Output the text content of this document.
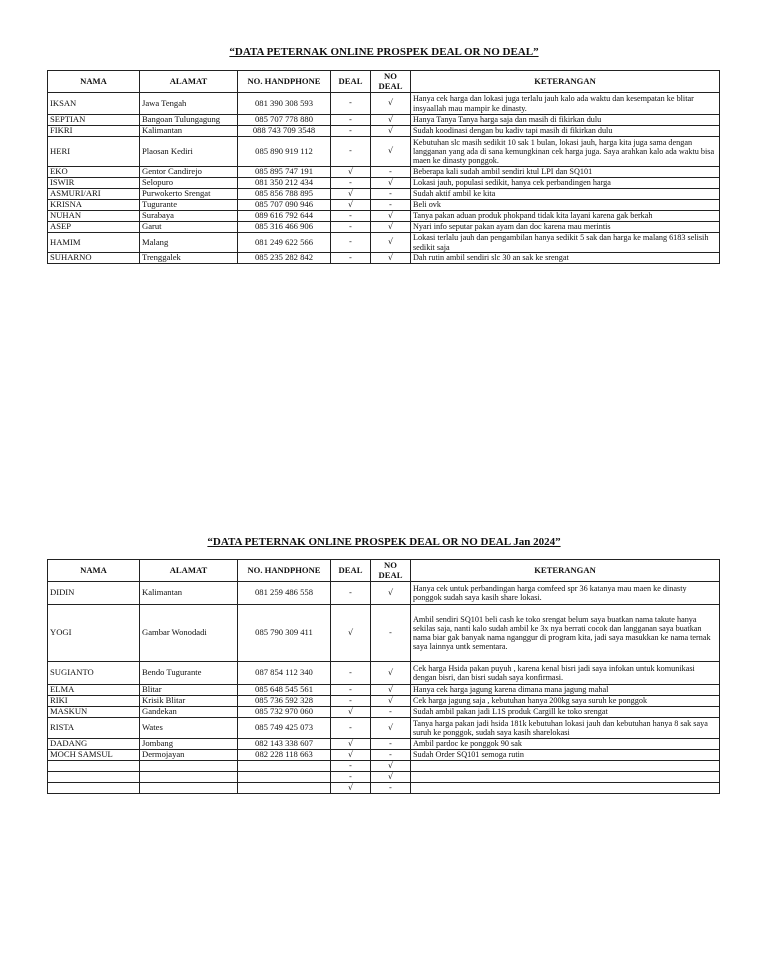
“DATA PETERNAK ONLINE PROSPEK DEAL OR NO DEAL”
NAMA	ALAMAT	NO. HANDPHONE	DEAL	NO DEAL	KETERANGAN
IKSAN	Jawa Tengah	081 390 308 593	-	√	Hanya cek harga dan lokasi juga terlalu jauh kalo ada waktu dan kesempatan ke blitar insyaallah mau mampir ke dinasty.
SEPTIAN	Bangoan Tulungagung	085 707 778 880	-	√	Hanya Tanya Tanya harga saja dan masih di fikirkan dulu
FIKRI	Kalimantan	088 743 709 3548	-	√	Sudah koodinasi dengan bu kadiv tapi masih di fikirkan dulu
HERI	Plaosan Kediri	085 890 919 112	-	√	Kebutuhan slc masih sedikit 10 sak 1 bulan, lokasi jauh, harga kita juga sama dengan langganan yang ada di sana kemungkinan cek harga juga. Saya arahkan kalo ada waktu bisa maen ke dinasty ponggok.
EKO	Gentor Candirejo	085 895 747 191	√	-	Beberapa kali sudah ambil sendiri ktul LPI dan SQ101
ISWIR	Selopuro	081 350 212 434	-	√	Lokasi jauh, populasi sedikit, hanya cek perbandingen harga
ASMURI/ARI	Purwokerto Srengat	085 856 788 895	√	-	Sudah aktif ambil ke kita
KRISNA	Tugurante	085 707 090 946	√	-	Beli ovk
NUHAN	Surabaya	089 616 792 644	-	√	Tanya pakan aduan produk phokpand tidak kita layani karena gak berkah
ASEP	Garut	085 316 466 906	-	√	Nyari info seputar pakan ayam dan doc karena mau merintis
HAMIM	Malang	081 249 622 566	-	√	Lokasi terlalu jauh dan pengambilan hanya sedikit 5 sak dan harga ke malang 6183 selisih sedikit saja
SUHARNO	Trenggalek	085 235 282 842	-	√	Dah rutin ambil sendiri slc 30 an sak ke srengat
“DATA PETERNAK ONLINE PROSPEK DEAL OR NO DEAL Jan 2024”
NAMA	ALAMAT	NO. HANDPHONE	DEAL	NO DEAL	KETERANGAN
DIDIN	Kalimantan	081 259 486 558	-	√	Hanya cek untuk perbandingan harga comfeed spr 36 katanya mau maen ke dinasty ponggok sudah saya kasih share lokasi.
YOGI	Gambar Wonodadi	085 790 309 411	√	-	Ambil sendiri SQ101 beli cash ke toko srengat belum saya buatkan nama takute hanya sekilas saja, nanti kalo sudah ambil ke 3x nya berrati cocok dan langganan saya buatkan nama biar gak banyak nama nganggur di program kita, jadi saya masukkan ke nama ternak saya lainnya untk sementara.
SUGIANTO	Bendo Tugurante	087 854 112 340	-	√	Cek harga Hsida pakan puyuh , karena kenal bisri jadi saya infokan untuk komunikasi dengan bisri, dan bisri sudah saya konfirmasi.
ELMA	Blitar	085 648 545 561	-	√	Hanya cek harga jagung karena dimana mana jagung mahal
RIKI	Krisik Blitar	085 736 592 328	-	√	Cek harga jagung saja , kebutuhan hanya 200kg saya suruh ke ponggok
MASKUN	Gandekan	085 732 970 060	√	-	Sudah ambil pakan jadi L1S produk Cargill ke toko srengat
RISTA	Wates	085 749 425 073	-	√	Tanya harga pakan jadi hsida 181k kebutuhan lokasi jauh dan kebutuhan hanya 8 sak saya suruh ke ponggok, sudah saya kasih sharelokasi
DADANG	Jombang	082 143 338 607	√	-	Ambil pardoc ke ponggok 90 sak
MOCH SAMSUL	Dermojayan	082 228 118 663	√	-	Sudah Order SQ101 semoga rutin
			-	√	
			-	√	
			√	-	
